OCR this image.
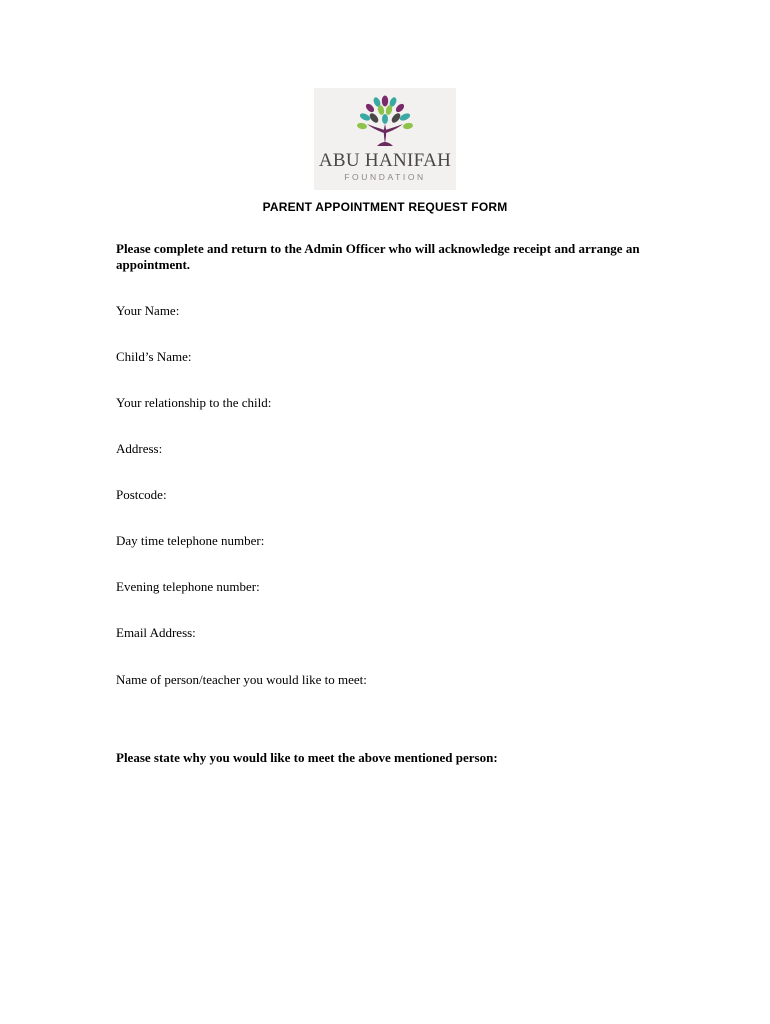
ABU HANIFAH
FOUNDATION
PARENT APPOINTMENT REQUEST FORM
Please complete and return to the Admin Officer who will acknowledge receipt and arrange an appointment.
Your Name:
Child’s Name:
Your relationship to the child:
Address:
Postcode:
Day time telephone number:
Evening telephone number:
Email Address:
Name of person/teacher you would like to meet:
Please state why you would like to meet the above mentioned person:
